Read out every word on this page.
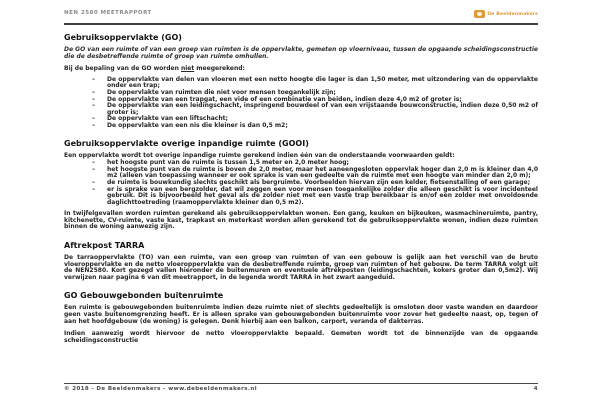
NEN 2580 MEETRAPPORT	De Beeldenmakers
Gebruiksoppervlakte (GO)

De GO van een ruimte of van een groep van ruimten is de oppervlakte, gemeten op vloerniveau, tussen de opgaande scheidingsconstructie die de desbetreffende ruimte of groep van ruimte omhullen.

Bij de bepaling van de GO worden niet meegerekend:

– De oppervlakte van delen van vloeren met een netto hoogte die lager is dan 1,50 meter, met uitzondering van de oppervlakte onder een trap;
– De oppervlakte van ruimten die niet voor mensen toegankelijk zijn;
– De oppervlakte van een trapgat, een vide of een combinatie van beiden, indien deze 4,0 m2 of groter is;
– De oppervlakte van een leidingschacht, inspringend bouwdeel of van een vrijstaande bouwconstructie, indien deze 0,50 m2 of groter is;
– De oppervlakte van een liftschacht;
– De oppervlakte van een nis die kleiner is dan 0,5 m2;
Gebruiksoppervlakte overige inpandige ruimte (GOOI)

Een oppervlakte wordt tot overige inpandige ruimte gerekend indien één van de onderstaande voorwaarden geldt:

– het hoogste punt van de ruimte is tussen 1,5 meter en 2,0 meter hoog;
– het hoogste punt van de ruimte is boven de 2,0 meter, maar het aaneengesloten oppervlak hoger dan 2,0 m is kleiner dan 4,0 m2 (alleen van toepassing wanneer er ook sprake is van een gedeelte van de ruimte met een hoogte van minder dan 2,0 m);
– de ruimte is bouwkundig slechts geschikt als bergruimte. Voorbeelden hiervan zijn een kelder, fietsenstalling of een garage;
– er is sprake van een bergzolder, dat wil zeggen een voor mensen toegankelijke zolder die alleen geschikt is voor incidenteel gebruik. Dit is bijvoorbeeld het geval als de zolder niet met een vaste trap bereikbaar is en/of een zolder met onvoldoende daglichttoetreding (raamoppervlakte kleiner dan 0,5 m2).

In twijfelgevallen worden ruimten gerekend als gebruiksoppervlakten wonen. Een gang, keuken en bijkeuken, wasmachineruimte, pantry, kitchenette, CV-ruimte, vaste kast, trapkast en meterkast worden allen gerekend tot de gebruiksoppervlakte wonen, indien deze ruimten binnen de woning aanwezig zijn.

Aftrekpost TARRA

De tarraoppervlakte (TO) van een ruimte, van een groep van ruimten of van een gebouw is gelijk aan het verschil van de bruto vloeroppervlakte en de netto vloeroppervlakte van de desbetreffende ruimte, groep van ruimten of het gebouw. De term TARRA volgt uit de NEN2580. Kort gezegd vallen hieronder de buitenmuren en eventuele aftrekposten (leidingschachten, kokers groter dan 0,5m2). Wij verwijzen naar pagina 6 van dit meetrapport, in de legenda wordt TARRA in het zwart aangeduid.

GO Gebouwgebonden buitenruimte

Een ruimte is gebouwgebonden buitenruimte indien deze ruimte niet of slechts gedeeltelijk is omsloten door vaste wanden en daardoor geen vaste buitenomgrenzing heeft. Er is alleen sprake van gebouwgebonden buitenruimte voor zover het gedeelte naast, op, tegen of aan het hoofdgebouw (de woning) is gelegen. Denk hierbij aan een balkon, carport, veranda of dakterras.

Indien aanwezig wordt hiervoor de netto vloeroppervlakte bepaald. Gemeten wordt tot de binnenzijde van de opgaande scheidingsconstructie

© 2018 - De Beeldenmakers - www.debeeldenmakers.nl	4
